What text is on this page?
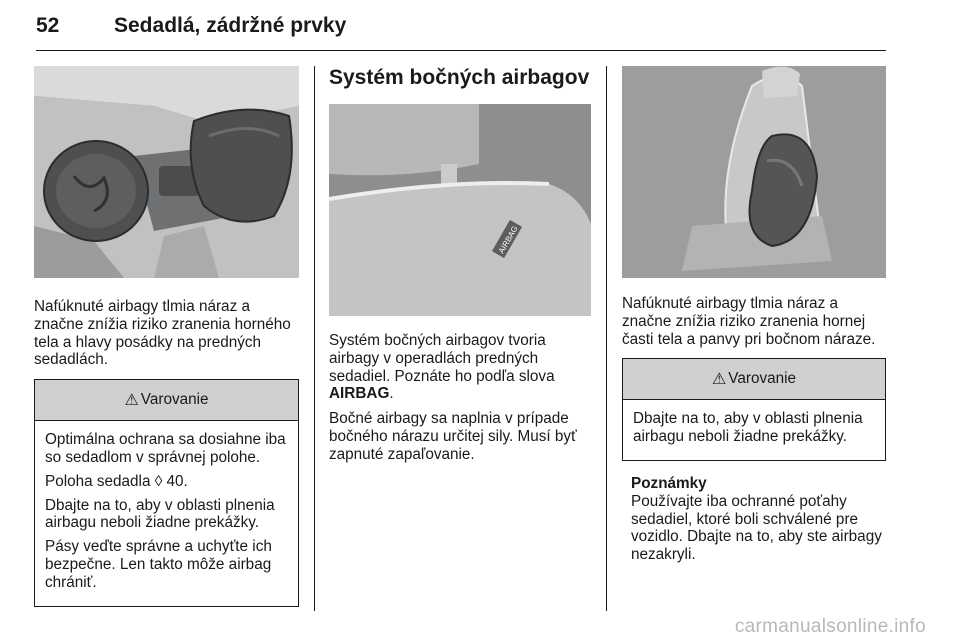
52	Sedadlá, zádržné prvky

Nafúknuté airbagy tlmia náraz a značne znížia riziko zranenia horného tela a hlavy posádky na predných sedadlách.

⚠ Varovanie

Optimálna ochrana sa dosiahne iba so sedadlom v správnej polohe.

Poloha sedadla ◊ 40.

Dbajte na to, aby v oblasti plnenia airbagu neboli žiadne prekážky.

Pásy veďte správne a uchyťte ich bezpečne. Len takto môže airbag chrániť.

Systém bočných airbagov
AIRBAG

Systém bočných airbagov tvoria airbagy v operadlách predných sedadiel. Poznáte ho podľa slova AIRBAG.

Bočné airbagy sa naplnia v prípade bočného nárazu určitej sily. Musí byť zapnuté zapaľovanie.

Nafúknuté airbagy tlmia náraz a značne znížia riziko zranenia hornej časti tela a panvy pri bočnom náraze.

⚠ Varovanie

Dbajte na to, aby v oblasti plnenia airbagu neboli žiadne prekážky.

Poznámky

Používajte iba ochranné poťahy sedadiel, ktoré boli schválené pre vozidlo. Dbajte na to, aby ste airbagy nezakryli.

carmanualsonline.info
